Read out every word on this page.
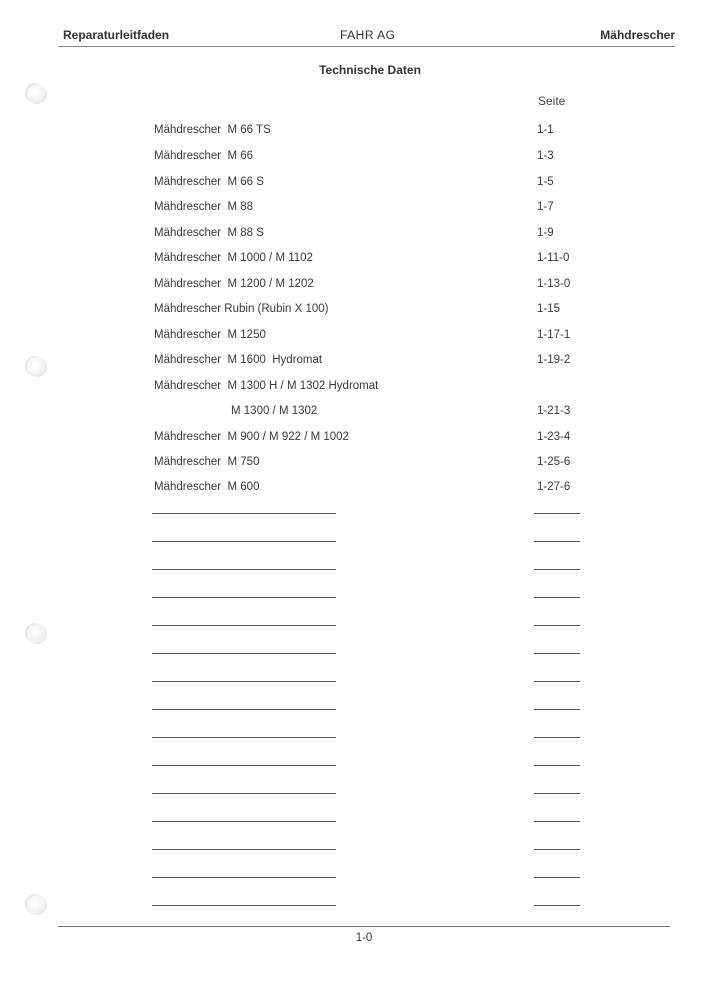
Reparaturleitfaden	FAHR AG	Mähdrescher
Technische Daten
Seite
Mähdrescher  M 66 TS	1-1
Mähdrescher  M 66	1-3
Mähdrescher  M 66 S	1-5
Mähdrescher  M 88	1-7
Mähdrescher  M 88 S	1-9
Mähdrescher  M 1000 / M 1102	1-11-0
Mähdrescher  M 1200 / M 1202	1-13-0
Mähdrescher Rubin (Rubin X 100)	1-15
Mähdrescher  M 1250	1-17-1
Mähdrescher  M 1600  Hydromat	1-19-2
Mähdrescher  M 1300 H / M 1302 Hydromat
M 1300 / M 1302	1-21-3
Mähdrescher  M 900 / M 922 / M 1002	1-23-4
Mähdrescher  M 750	1-25-6
Mähdrescher  M 600	1-27-6
1-0
